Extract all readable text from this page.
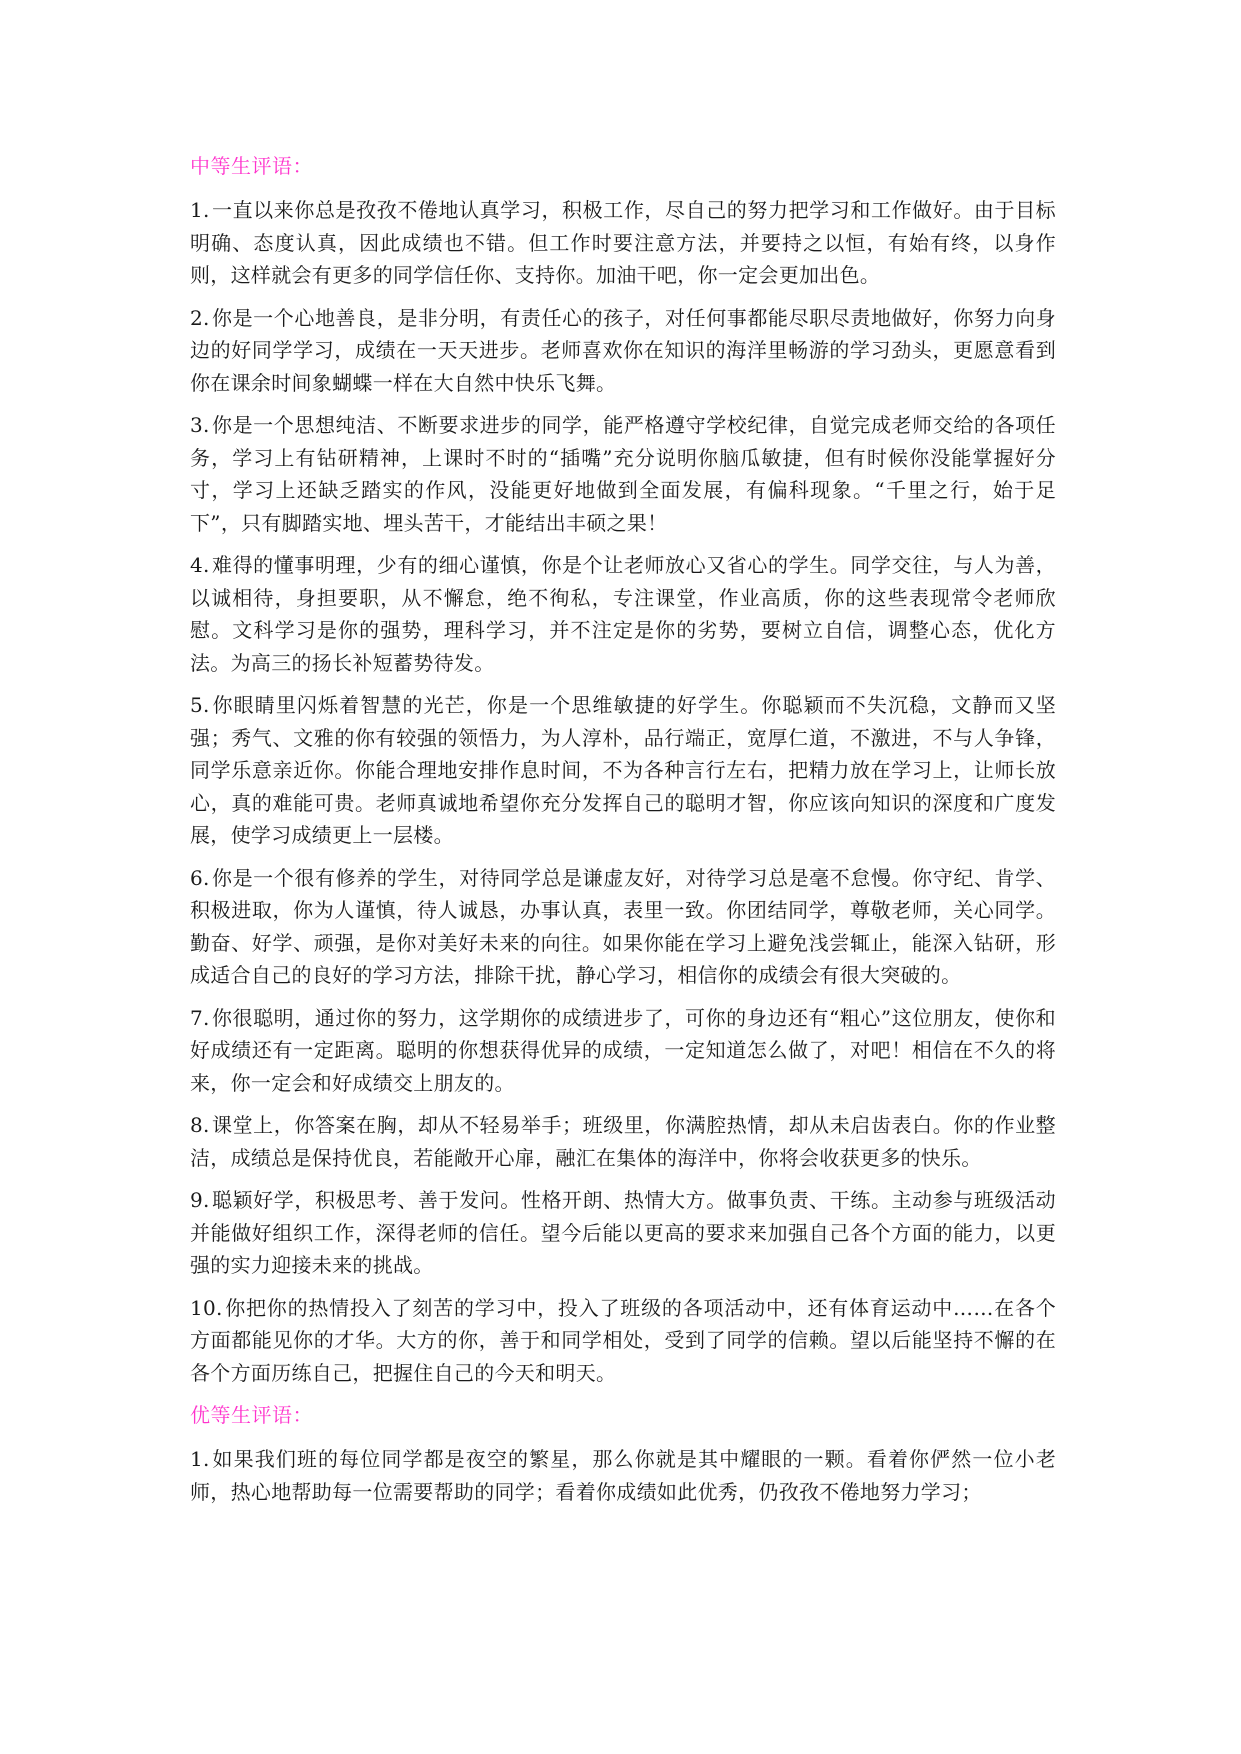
中等生评语：

1. 一直以来你总是孜孜不倦地认真学习，积极工作，尽自己的努力把学习和工作做好。由于目标明确、态度认真，因此成绩也不错。但工作时要注意方法，并要持之以恒，有始有终，以身作则，这样就会有更多的同学信任你、支持你。加油干吧，你一定会更加出色。

2. 你是一个心地善良，是非分明，有责任心的孩子，对任何事都能尽职尽责地做好，你努力向身边的好同学学习，成绩在一天天进步。老师喜欢你在知识的海洋里畅游的学习劲头，更愿意看到你在课余时间象蝴蝶一样在大自然中快乐飞舞。

3. 你是一个思想纯洁、不断要求进步的同学，能严格遵守学校纪律，自觉完成老师交给的各项任务，学习上有钻研精神，上课时不时的“插嘴”充分说明你脑瓜敏捷，但有时候你没能掌握好分寸，学习上还缺乏踏实的作风，没能更好地做到全面发展，有偏科现象。“千里之行，始于足下”，只有脚踏实地、埋头苦干，才能结出丰硕之果！

4. 难得的懂事明理，少有的细心谨慎，你是个让老师放心又省心的学生。同学交往，与人为善，以诚相待，身担要职，从不懈怠，绝不徇私，专注课堂，作业高质，你的这些表现常令老师欣慰。文科学习是你的强势，理科学习，并不注定是你的劣势，要树立自信，调整心态，优化方法。为高三的扬长补短蓄势待发。

5. 你眼睛里闪烁着智慧的光芒，你是一个思维敏捷的好学生。你聪颖而不失沉稳，文静而又坚强；秀气、文雅的你有较强的领悟力，为人淳朴，品行端正，宽厚仁道，不激进，不与人争锋，同学乐意亲近你。你能合理地安排作息时间，不为各种言行左右，把精力放在学习上，让师长放心，真的难能可贵。老师真诚地希望你充分发挥自己的聪明才智，你应该向知识的深度和广度发展，使学习成绩更上一层楼。

6. 你是一个很有修养的学生，对待同学总是谦虚友好，对待学习总是毫不怠慢。你守纪、肯学、积极进取，你为人谨慎，待人诚恳，办事认真，表里一致。你团结同学，尊敬老师，关心同学。勤奋、好学、顽强，是你对美好未来的向往。如果你能在学习上避免浅尝辄止，能深入钻研，形成适合自己的良好的学习方法，排除干扰，静心学习，相信你的成绩会有很大突破的。

7. 你很聪明，通过你的努力，这学期你的成绩进步了，可你的身边还有“粗心”这位朋友，使你和好成绩还有一定距离。聪明的你想获得优异的成绩，一定知道怎么做了，对吧！相信在不久的将来，你一定会和好成绩交上朋友的。

8. 课堂上，你答案在胸，却从不轻易举手；班级里，你满腔热情，却从未启齿表白。你的作业整洁，成绩总是保持优良，若能敞开心扉，融汇在集体的海洋中，你将会收获更多的快乐。

9. 聪颖好学，积极思考、善于发问。性格开朗、热情大方。做事负责、干练。主动参与班级活动并能做好组织工作，深得老师的信任。望今后能以更高的要求来加强自己各个方面的能力，以更强的实力迎接未来的挑战。

10. 你把你的热情投入了刻苦的学习中，投入了班级的各项活动中，还有体育运动中……在各个方面都能见你的才华。大方的你，善于和同学相处，受到了同学的信赖。望以后能坚持不懈的在各个方面历练自己，把握住自己的今天和明天。

优等生评语：

1. 如果我们班的每位同学都是夜空的繁星，那么你就是其中耀眼的一颗。看着你俨然一位小老师，热心地帮助每一位需要帮助的同学；看着你成绩如此优秀，仍孜孜不倦地努力学习；
